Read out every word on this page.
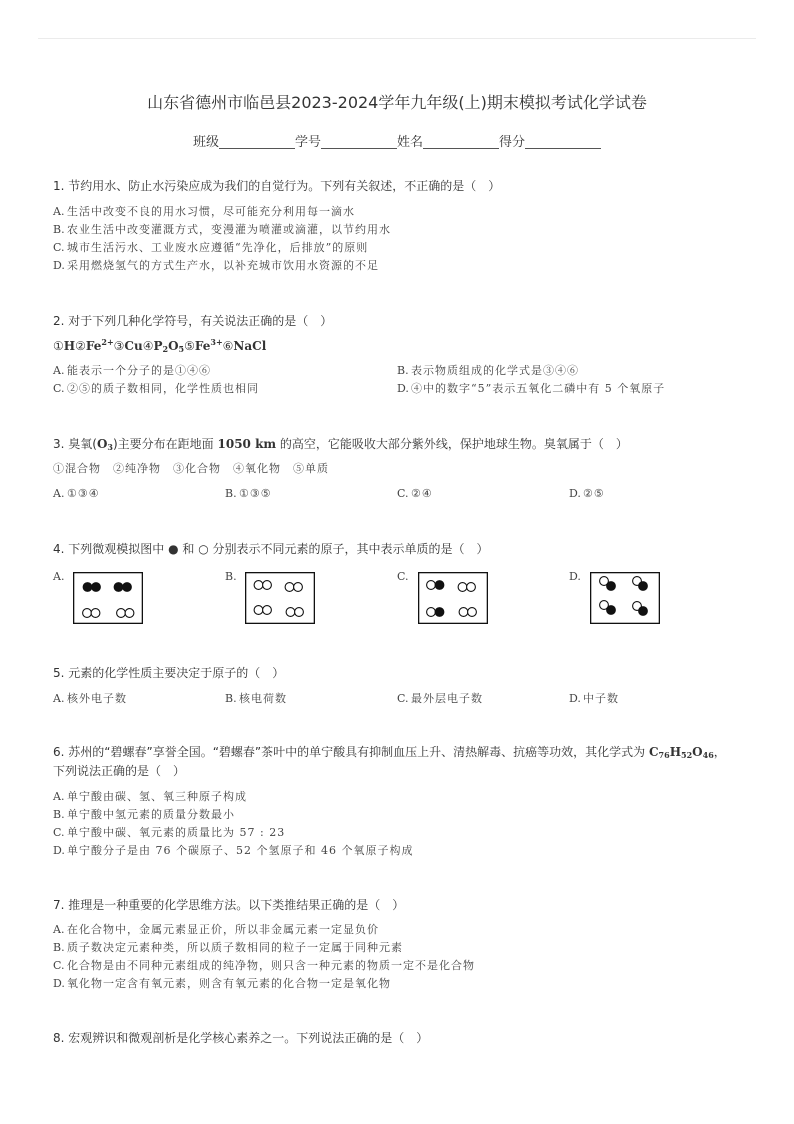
山东省德州市临邑县2023-2024学年九年级(上)期末模拟考试化学试卷
班级	学号	姓名	得分
1. 节约用水、防止水污染应成为我们的自觉行为。下列有关叙述，不正确的是（　）
A. 生活中改变不良的用水习惯，尽可能充分利用每一滴水
B. 农业生活中改变灌溉方式，变漫灌为喷灌或滴灌，以节约用水
C. 城市生活污水、工业废水应遵循“先净化，后排放”的原则
D. 采用燃烧氢气的方式生产水，以补充城市饮用水资源的不足
2. 对于下列几种化学符号，有关说法正确的是（　）
①H $②Fe^{2+}$ ③Cu $④P_2O_5$ $⑤Fe^{3+}$ ⑥NaCl
A. 能表示一个分子的是①④⑥	B. 表示物质组成的化学式是③④⑥
C. ②⑤的质子数相同，化学性质也相同	D. ④中的数字“5”表示五氧化二磷中有 5 个氧原子
3. 臭氧$(O_3)$主要分布在距地面 1050 km 的高空，它能吸收大部分紫外线，保护地球生物。臭氧属于（　）
①混合物　②纯净物　③化合物　④氧化物　⑤单质
A. ①③④	B. ①③⑤	C. ②④	D. ②⑤
4. 下列微观模拟图中 ● 和 ○ 分别表示不同元素的原子，其中表示单质的是（　）
A.	B.	C.	D.
5. 元素的化学性质主要决定于原子的（　）
A. 核外电子数	B. 核电荷数	C. 最外层电子数	D. 中子数
6. 苏州的“碧螺春”享誉全国。“碧螺春”茶叶中的单宁酸具有抑制血压上升、清热解毒、抗癌等功效，其化学式为 $C_{76}H_{52}O_{46}$，
下列说法正确的是（　）
A. 单宁酸由碳、氢、氧三种原子构成
B. 单宁酸中氢元素的质量分数最小
C. 单宁酸中碳、氧元素的质量比为 57 : 23
D. 单宁酸分子是由 76 个碳原子、52 个氢原子和 46 个氧原子构成
7. 推理是一种重要的化学思维方法。以下类推结果正确的是（　）
A. 在化合物中，金属元素显正价，所以非金属元素一定显负价
B. 质子数决定元素种类，所以质子数相同的粒子一定属于同种元素
C. 化合物是由不同种元素组成的纯净物，则只含一种元素的物质一定不是化合物
D. 氧化物一定含有氧元素，则含有氧元素的化合物一定是氧化物
8. 宏观辨识和微观剖析是化学核心素养之一。下列说法正确的是（　）
